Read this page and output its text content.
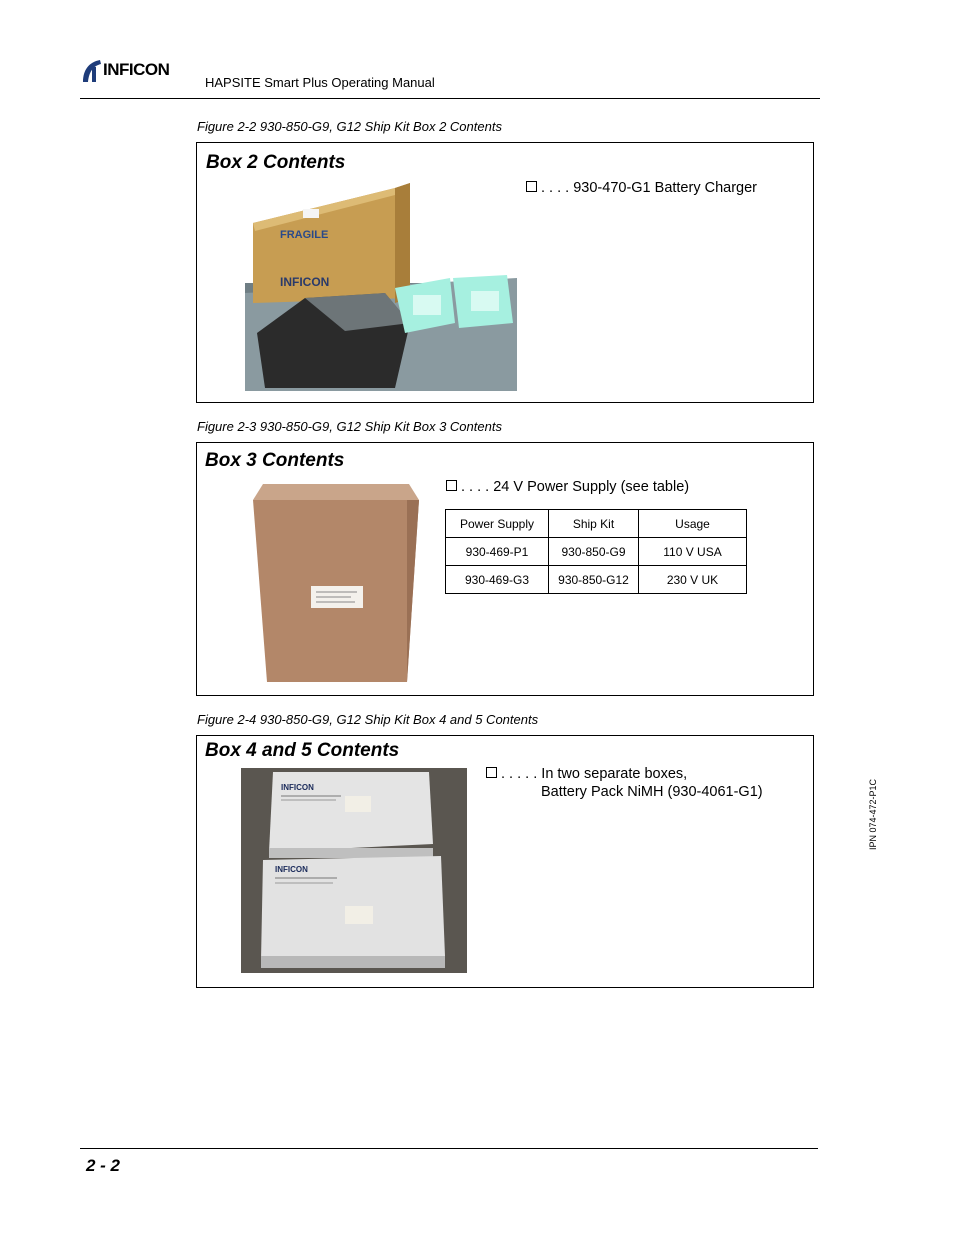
INFICON
HAPSITE Smart Plus Operating Manual
Figure 2-2 930-850-G9, G12 Ship Kit Box 2 Contents
Box 2 Contents
. . . . 930-470-G1 Battery Charger
FRAGILE
INFICON
Figure 2-3 930-850-G9, G12 Ship Kit Box 3 Contents
Box 3 Contents
. . . . 24 V Power Supply (see table)
Power Supply	Ship Kit	Usage
930-469-P1	930-850-G9	110 V USA
930-469-G3	930-850-G12	230 V UK
Figure 2-4 930-850-G9, G12 Ship Kit Box 4 and 5 Contents
Box 4 and 5 Contents
. . . . . In two separate boxes,
Battery Pack NiMH (930-4061-G1)
INFICON
INFICON
IPN 074-472-P1C
2 - 2
